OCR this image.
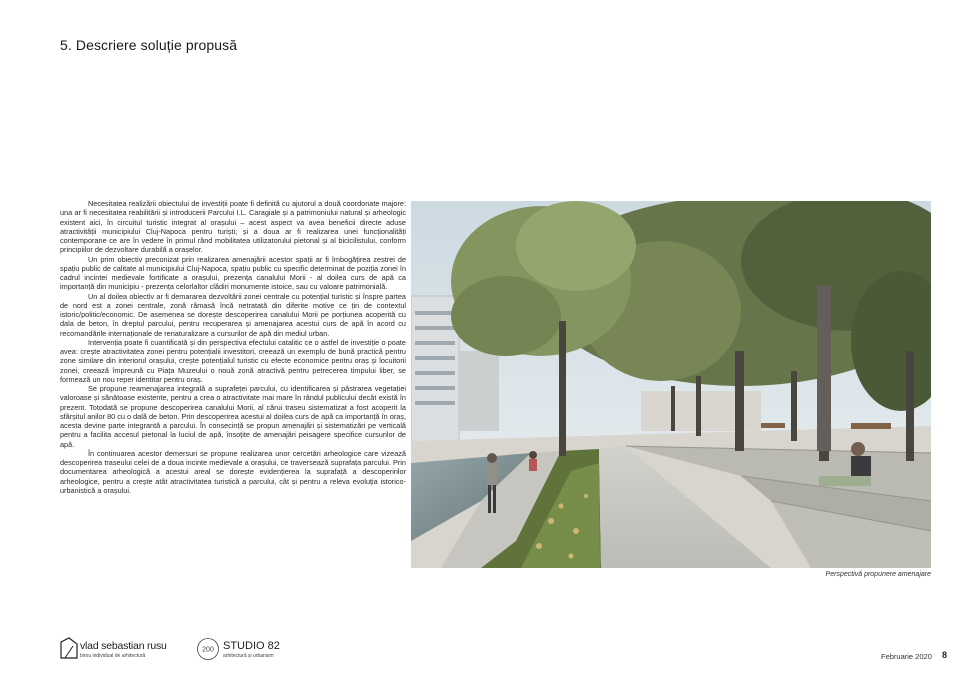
5. Descriere soluție propusă

Necesitatea realizării obiectului de investiții poate fi definită cu ajutorul a două coordonate majore: una ar fi necesitatea reabilitării și introducerii Parcului I.L. Caragiale și a patrimoniului natural și arheologic existent aici, în circuitul turistic integrat al orașului – acest aspect va avea beneficii directe aduse atractivității municipiului Cluj-Napoca pentru turiști; și a doua ar fi realizarea unei funcționalități contemporane ce are în vedere în primul rând mobilitatea utilizatorului pietonal și al bicicilistului, conform principiilor de dezvoltare durabilă a orașelor.

Un prim obiectiv preconizat prin realizarea amenajării acestor spații ar fi îmbogățirea zestrei de spațiu public de calitate al municipiului Cluj-Napoca, spațiu public cu specific determinat de poziția zonei în cadrul incintei medievale fortificate a orașului, prezența canalului Morii - al doilea curs de apă ca importanță din municipiu - prezența celorlaltor clădiri monumente istoice, sau cu valoare patrimonială.

Un al doilea obiectiv ar fi demararea dezvoltării zonei centrale cu potențial turistic și înspre partea de nord est a zonei centrale, zonă rămasă încă netratată din diferite motive ce țin de contextul istoric/politic/economic. De asemenea se dorește descoperirea canalului Morii pe porțiunea acoperită cu dala de beton, în dreptul parcului, pentru recuperarea și amenajarea acestui curs de apă în acord cu recomandările internaționale de renaturalizare a cursurilor de apă din mediul urban.

Intervenția poate fi cuantificată și din perspectiva efectului catalitic ce o astfel de investiție o poate avea: crește atractivitatea zonei pentru potențialii investitori, creează un exemplu de bună practică pentru zone similare din interiorul orașului, crește potențialul turistic cu efecte economice pentru oraș și locuitorii zonei, creează împreună cu Piața Muzeului o nouă zonă atractivă pentru petrecerea timpului liber, se formează un nou reper identitar pentru oraș.

Se propune reamenajarea integrală a suprafeței parcului, cu identificarea și păstrarea vegetației valoroase și sănătoase existente, pentru a crea o atractivitate mai mare în rândul publicului decât există în prezent. Totodată se propune descoperirea canalului Morii, al cărui traseu sistematizat a fost acoperit la sfârșitul anilor 80 cu o dală de beton. Prin descoperirea acestui al doilea curs de apă ca importanță în oraș, acesta devine parte integrantă a parcului. În consecință se propun amenajări și sistematizări pe verticală pentru a facilita accesul pietonal la luciul de apă, însoțite de amenajări peisagere specifice cursurilor de apă.

În continuarea acestor demersuri se propune realizarea unor cercetări arheologice care vizează descoperirea traseului celei de a doua incinte medievale a orașului, ce traversează suprafața parcului. Prin documentarea arheologică a acestui areal se dorește evidențierea la suprafață a descoperirilor arheologice, pentru a crește atât atractivitatea turistică a parcului, cât și pentru a releva evoluția istorico-urbanistică a orașului.

Perspectivă propunere amenajare
vlad sebastian rusu
birou individual de arhitectură
200 STUDIO 82
arhitectură și urbanism	Februarie 2020 8
